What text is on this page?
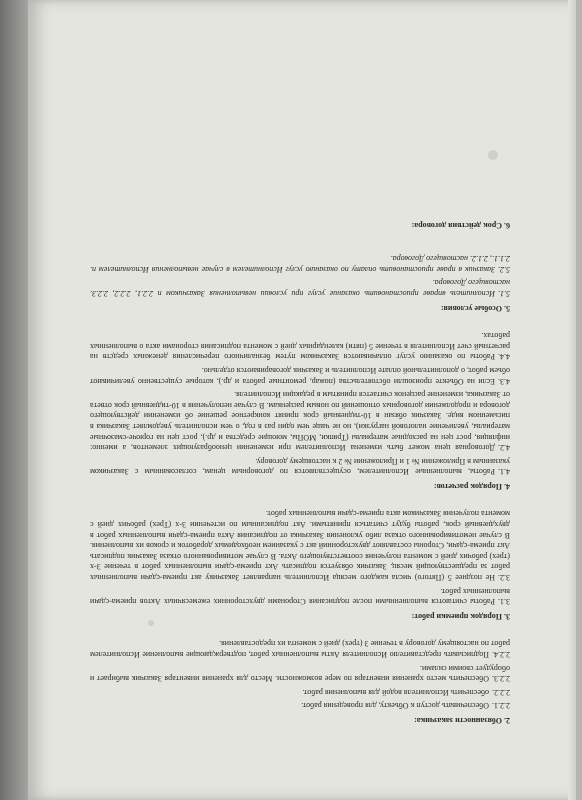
2. Обязанности заказчика:
2.2.1.Обеспечивать доступ к Объекту, для проведения работ.
2.2.2.обеспечить Исполнителя водой для выполнения работ.
2.2.3.Обеспечить место хранения инвентаря по мере возможности. Место для хранения инвентаря Заказчик выбирает и оборудует своими силами.
2.2.4.Подписывать представителю Исполнителя Акты выполненных работ, подтверждающие выполнение Исполнителем работ по настоящему договору в течение 3 (трех) дней с момента их предоставления.
3. Порядок приемки работ:
3.1.Работы считаются выполненными после подписания Сторонами двухсторонних ежемесячных Актов приема-сдачи выполненных работ.
3.2.Не позднее 5 (Пятого) числа каждого месяца Исполнитель направляет Заказчику акт приема-сдачи выполненных работ за предшествующий месяц. Заказчик обязуется подписать Акт приема-сдачи выполненных работ в течение 3-х (трех) рабочих дней с момента получения соответствующего Акта. В случае мотивированного отказа Заказчик подписать Акт приема-сдачи, Стороны составляют двухсторонний акт с указанием необходимых доработок и сроков их выполнения. В случае немотивированного отказа либо уклонения Заказчика от подписания Акта приема-сдачи выполненных работ в двухдневный срок, работы будут считаться принятыми. Акт подписанным по истечении 3-х (Трех) рабочих дней с момента получения Заказчиком акта приема-сдачи выполненных работ.
4. Порядок расчетов:
4.1.Работы, выполненные Исполнителем, осуществляются по договорным ценам, согласованным с Заказчиком указанным в Приложении № 1 и Приложении № 2 к настоящему договору.
4.2.Договорная цена может быть изменена Исполнителем при изменении ценообразующих элементов, а именно: инфляция, рост цен на расходные материалы (Тряпки, МОПы, моющие средства и др.), рост цен на горюче-смазочные материалы, увеличение налоговой нагрузки), но не чаще чем один раз в год, о чем исполнитель уведомляет Заказчика в письменном виде. Заказчик обязан в 10-тидневный срок принят конкретное решение об изменении действующего договора и продолжении договорных отношений по новым расценкам. В случае неполучения в 10-тидневный срок ответа от Заказчика, изменение расценок считается принятым в редакции Исполнителя.
4.3.Если на Объекте произошли обстоятельства (пожар, ремонтные работа и др.), которые существенно увеличивают объем работ, о дополнительной оплате Исполнитель и Заказчик договариваются отдельно.
4.4.Работы по оказанию услуг оплачиваются Заказчиком путем безналичного перечисления денежных средств на расчетный счет Исполнителя в течение 5 (пяти) календарных дней с момента подписания сторонами акта о выполненных работах.
5. Особые условия:
5.1.Исполнитель вправе приостановить оказание услуг при условии невыполнения Заказчиком п 2.2.1, 2.2.2, 2.2.3. настоящего Договора.
5.2.Заказчик в праве приостановить оплату по оказанию услуг Исполнителем в случае невыполнения Исполнителем п. 2.1.1., 2.1.2. настоящего Договора.
6. Срок действия договора:
